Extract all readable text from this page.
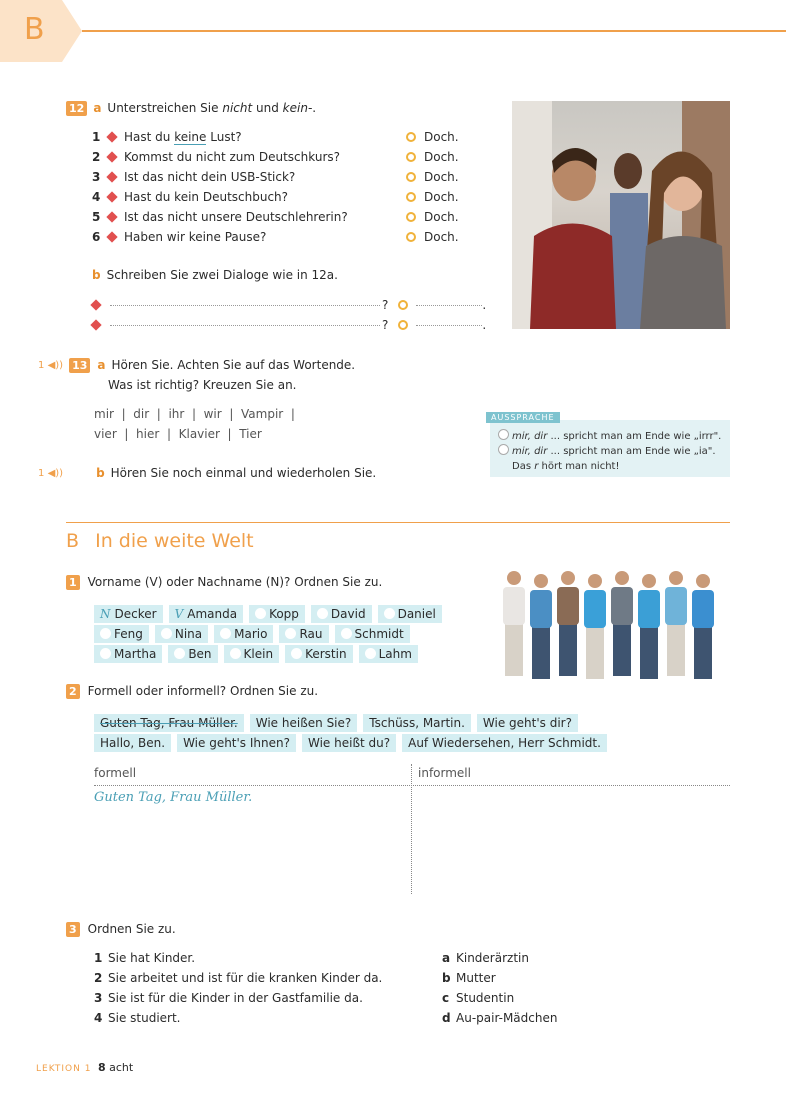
B
12 a Unterstreichen Sie nicht und kein-.
1	Hast du keine Lust?	Doch.
2	Kommst du nicht zum Deutschkurs?	Doch.
3	Ist das nicht dein USB-Stick?	Doch.
4	Hast du kein Deutschbuch?	Doch.
5	Ist das nicht unsere Deutschlehrerin?	Doch.
6	Haben wir keine Pause?	Doch.
b Schreiben Sie zwei Dialoge wie in 12a.
?	.
?	.
1 ◀)) 13 a Hören Sie. Achten Sie auf das Wortende.
Was ist richtig? Kreuzen Sie an.
mir  |  dir  |  ihr  |  wir  |  Vampir  |
vier  |  hier  |  Klavier  |  Tier
1 ◀))	b Hören Sie noch einmal und wiederholen Sie.
AUSSPRACHE
mir, dir ... spricht man am Ende wie „irrr".
mir, dir ... spricht man am Ende wie „ia".
Das r hört man nicht!
B In die weite Welt
1 Vorname (V) oder Nachname (N)? Ordnen Sie zu.
N Decker V Amanda	Kopp	David	Daniel
Feng	Nina	Mario	Rau	Schmidt
Martha	Ben	Klein	Kerstin	Lahm
2 Formell oder informell? Ordnen Sie zu.
Guten Tag, Frau Müller. Wie heißen Sie? Tschüss, Martin. Wie geht's dir?
Hallo, Ben. Wie geht's Ihnen? Wie heißt du? Auf Wiedersehen, Herr Schmidt.
formell	informell
Guten Tag, Frau Müller.
3 Ordnen Sie zu.
1 Sie hat Kinder.
2 Sie arbeitet und ist für die kranken Kinder da.
3 Sie ist für die Kinder in der Gastfamilie da.
4 Sie studiert.
a Kinderärztin
b Mutter
c Studentin
d Au-pair-Mädchen
LEKTION 1 8 acht
